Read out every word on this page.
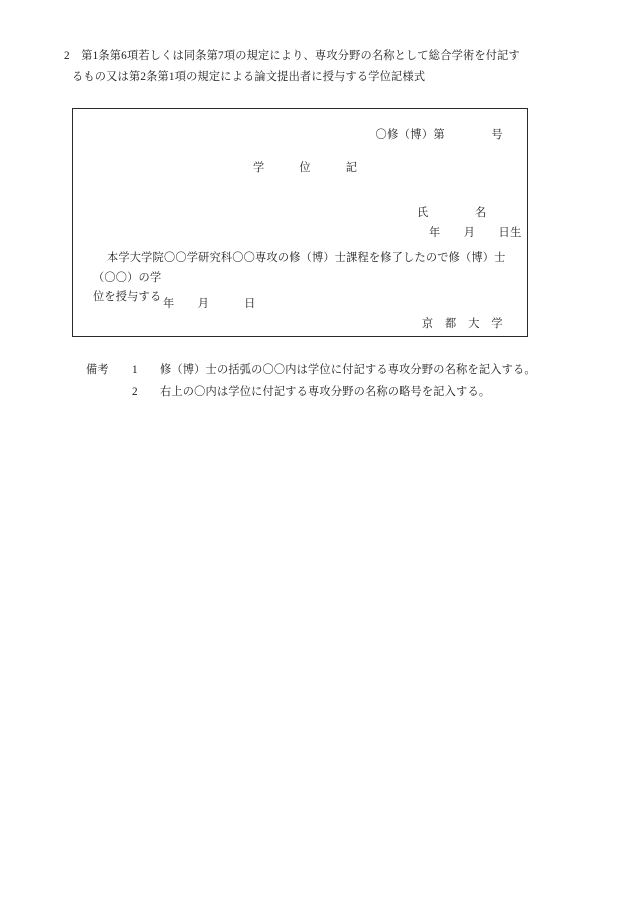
2　 第1条第6項若しくは同条第7項の規定により、専攻分野の名称として総合学術を付記す
るもの又は第2条第1項の規定による論文提出者に授与する学位記様式
〇修（博）第　　　　号
学　　　位　　　記
氏　　　　名
年　　月　　日生
本学大学院〇〇学研究科〇〇専攻の修（博）士課程を修了したので修（博）士（〇〇）の学
位を授与する
年　　月　　　日
京　都　大　学
備考 1 修（博）士の括弧の〇〇内は学位に付記する専攻分野の名称を記入する。
2 右上の〇内は学位に付記する専攻分野の名称の略号を記入する。
